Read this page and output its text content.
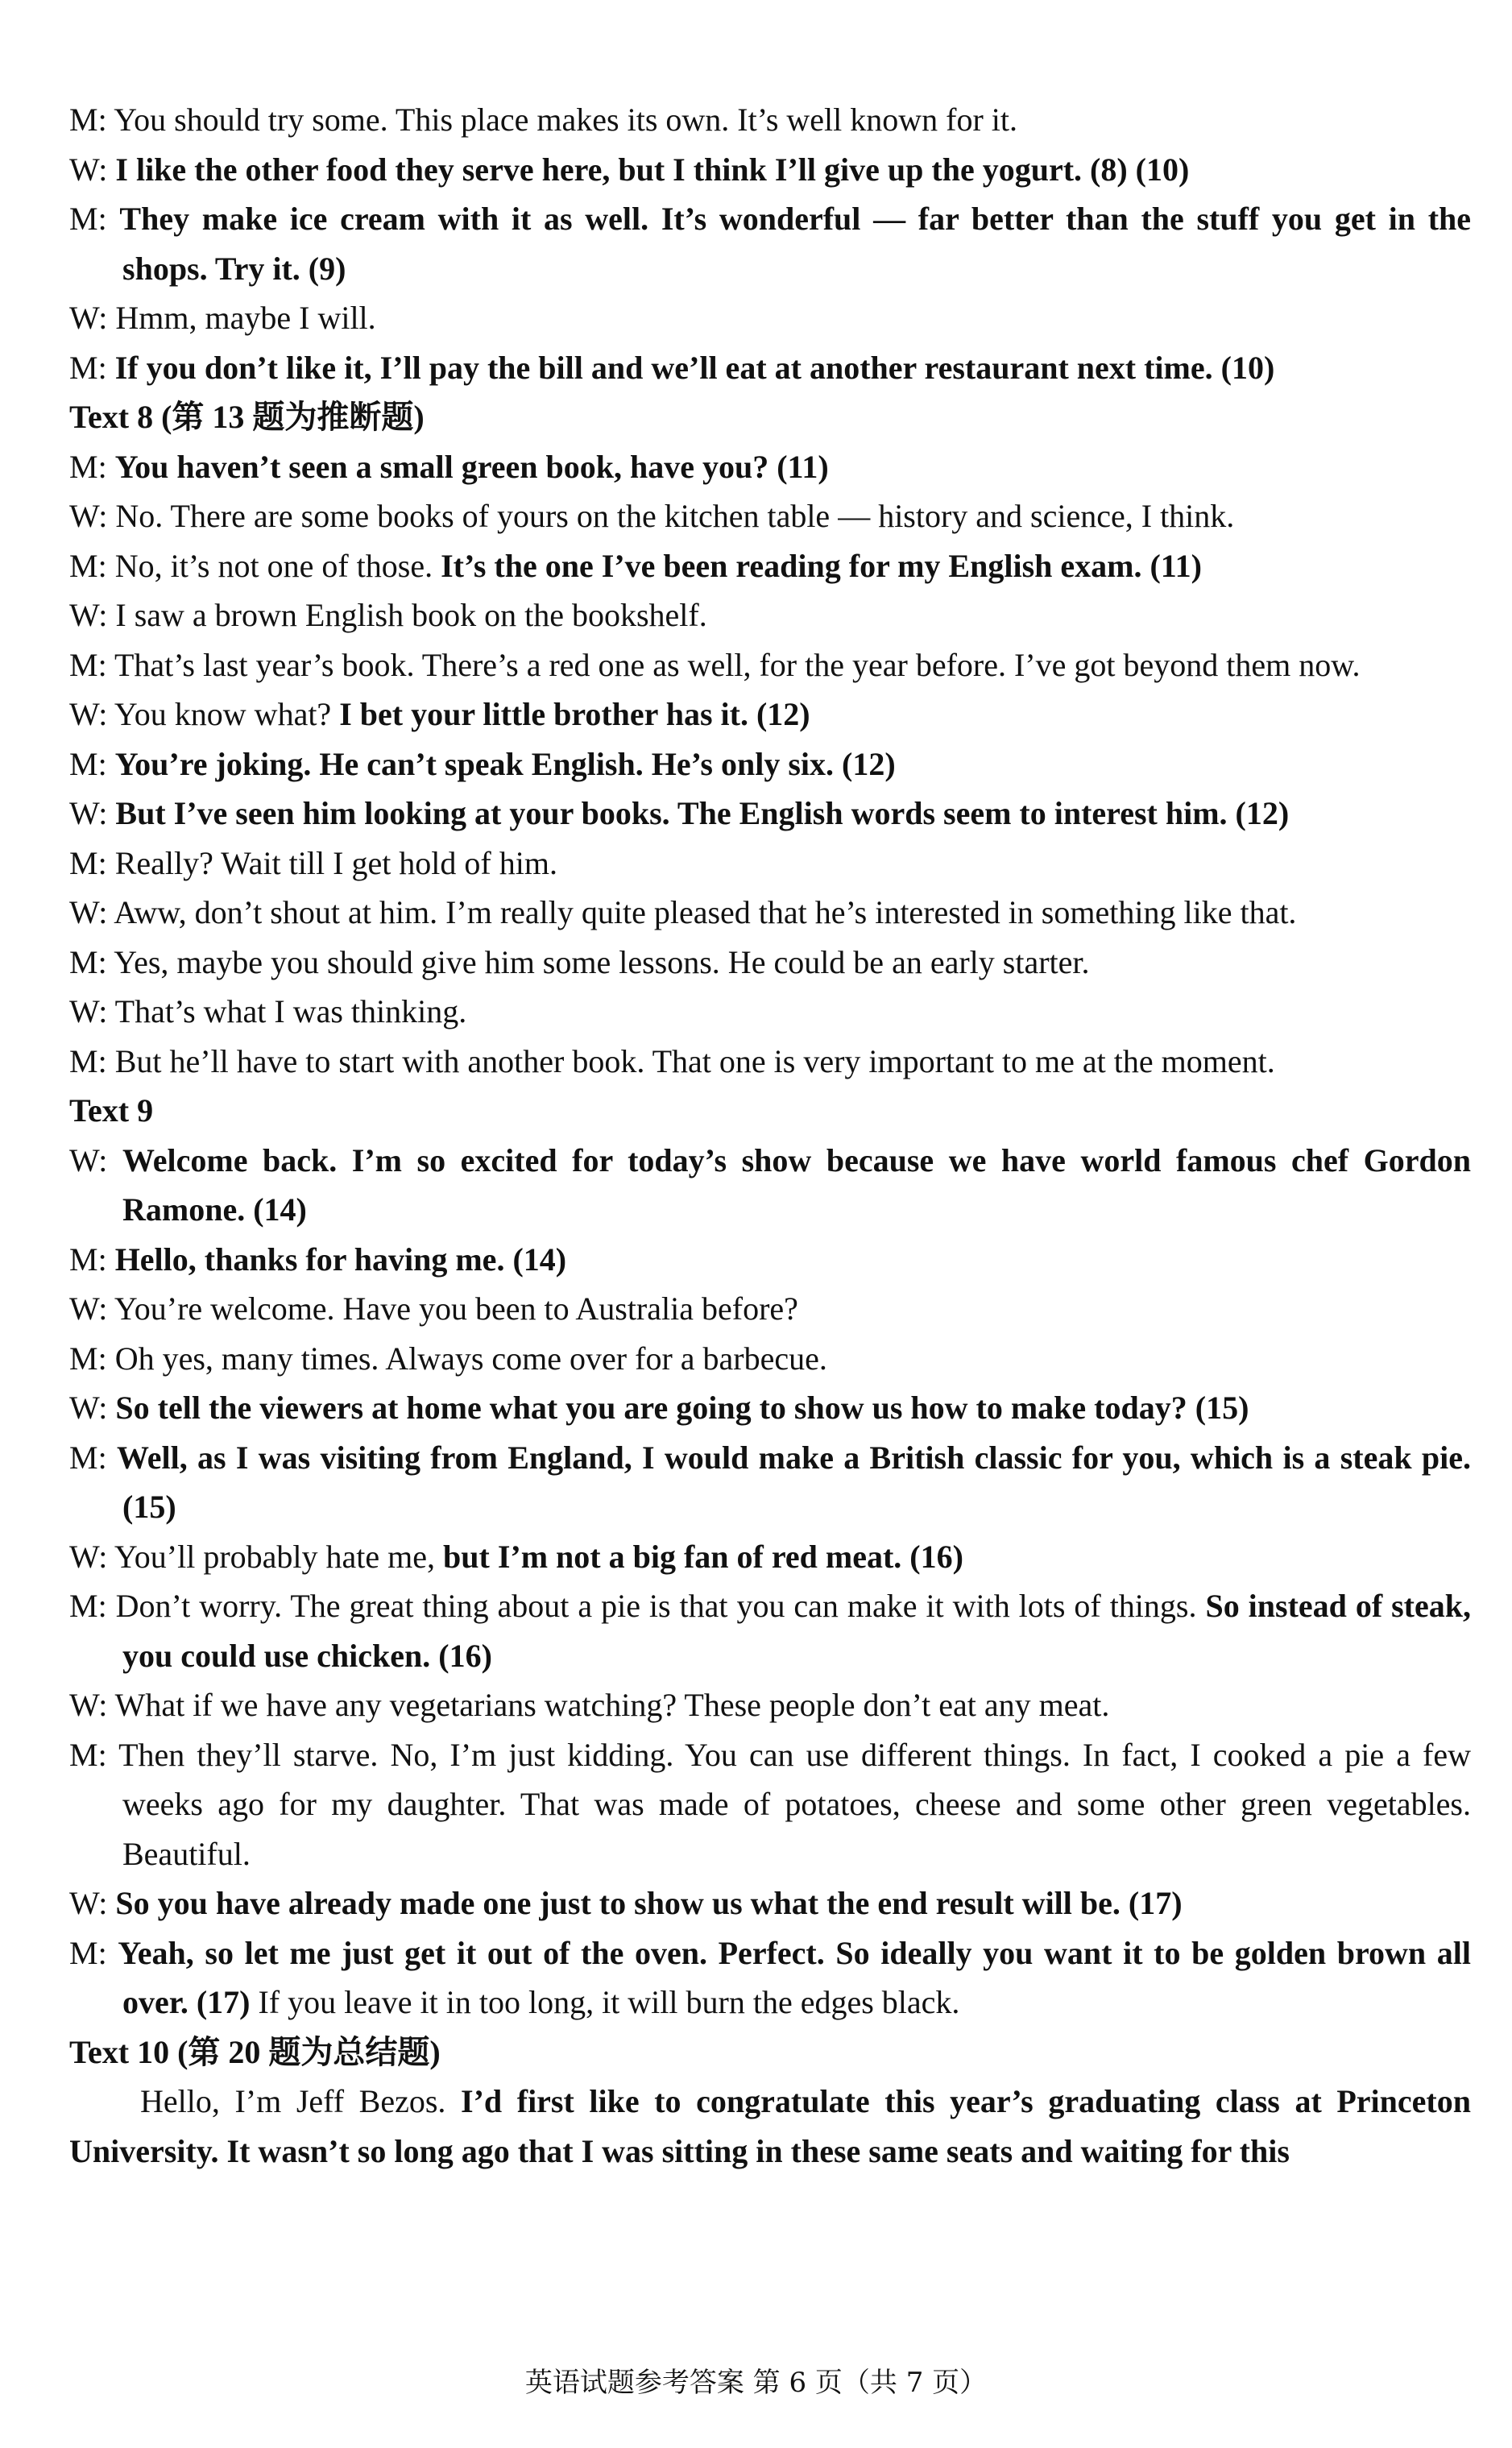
M: You should try some. This place makes its own. It’s well known for it.

W: I like the other food they serve here, but I think I’ll give up the yogurt. (8) (10)

M: They make ice cream with it as well. It’s wonderful — far better than the stuff you get in the shops. Try it. (9)

W: Hmm, maybe I will.

M: If you don’t like it, I’ll pay the bill and we’ll eat at another restaurant next time. (10)

Text 8 (第 13 题为推断题)

M: You haven’t seen a small green book, have you? (11)

W: No. There are some books of yours on the kitchen table — history and science, I think.

M: No, it’s not one of those. It’s the one I’ve been reading for my English exam. (11)

W: I saw a brown English book on the bookshelf.

M: That’s last year’s book. There’s a red one as well, for the year before. I’ve got beyond them now.

W: You know what? I bet your little brother has it. (12)

M: You’re joking. He can’t speak English. He’s only six. (12)

W: But I’ve seen him looking at your books. The English words seem to interest him. (12)

M: Really? Wait till I get hold of him.

W: Aww, don’t shout at him. I’m really quite pleased that he’s interested in something like that.

M: Yes, maybe you should give him some lessons. He could be an early starter.

W: That’s what I was thinking.

M: But he’ll have to start with another book. That one is very important to me at the moment.

Text 9

W: Welcome back. I’m so excited for today’s show because we have world famous chef Gordon Ramone. (14)

M: Hello, thanks for having me. (14)

W: You’re welcome. Have you been to Australia before?

M: Oh yes, many times. Always come over for a barbecue.

W: So tell the viewers at home what you are going to show us how to make today? (15)

M: Well, as I was visiting from England, I would make a British classic for you, which is a steak pie. (15)

W: You’ll probably hate me, but I’m not a big fan of red meat. (16)

M: Don’t worry. The great thing about a pie is that you can make it with lots of things. So instead of steak, you could use chicken. (16)

W: What if we have any vegetarians watching? These people don’t eat any meat.

M: Then they’ll starve. No, I’m just kidding. You can use different things. In fact, I cooked a pie a few weeks ago for my daughter. That was made of potatoes, cheese and some other green vegetables. Beautiful.

W: So you have already made one just to show us what the end result will be. (17)

M: Yeah, so let me just get it out of the oven. Perfect. So ideally you want it to be golden brown all over. (17) If you leave it in too long, it will burn the edges black.

Text 10 (第 20 题为总结题)

Hello, I’m Jeff Bezos. I’d first like to congratulate this year’s graduating class at Princeton University. It wasn’t so long ago that I was sitting in these same seats and waiting for this

英语试题参考答案 第 6 页（共 7 页）
